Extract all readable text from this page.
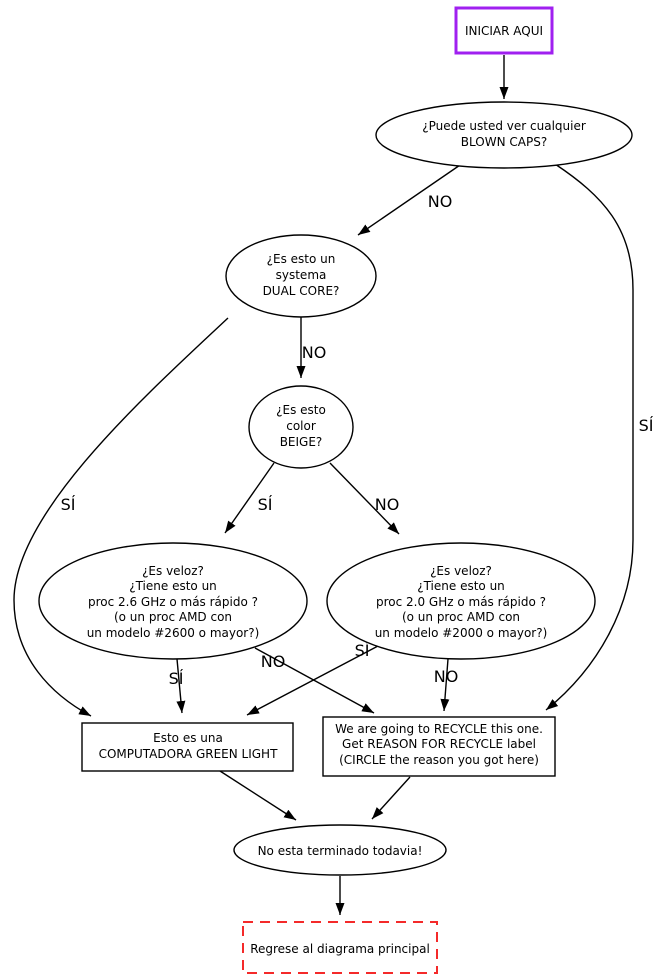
NO
SÍ
NO
SÍ	SÍ	NO
SÍ
NO
SÍ
NO
INICIAR AQUI
¿Puede usted ver cualquier
BLOWN CAPS?
¿Es esto un
systema
DUAL CORE?
¿Es esto
color
BEIGE?
¿Es veloz?
¿Tiene esto un
proc 2.6 GHz o más rápido ?
(o un proc AMD con
un modelo #2600 o mayor?)
¿Es veloz?
¿Tiene esto un
proc 2.0 GHz o más rápido ?
(o un proc AMD con
un modelo #2000 o mayor?)
Esto es una
COMPUTADORA GREEN LIGHT
We are going to RECYCLE this one.
Get REASON FOR RECYCLE label
(CIRCLE the reason you got here)
No esta terminado todavia!
Regrese al diagrama principal
